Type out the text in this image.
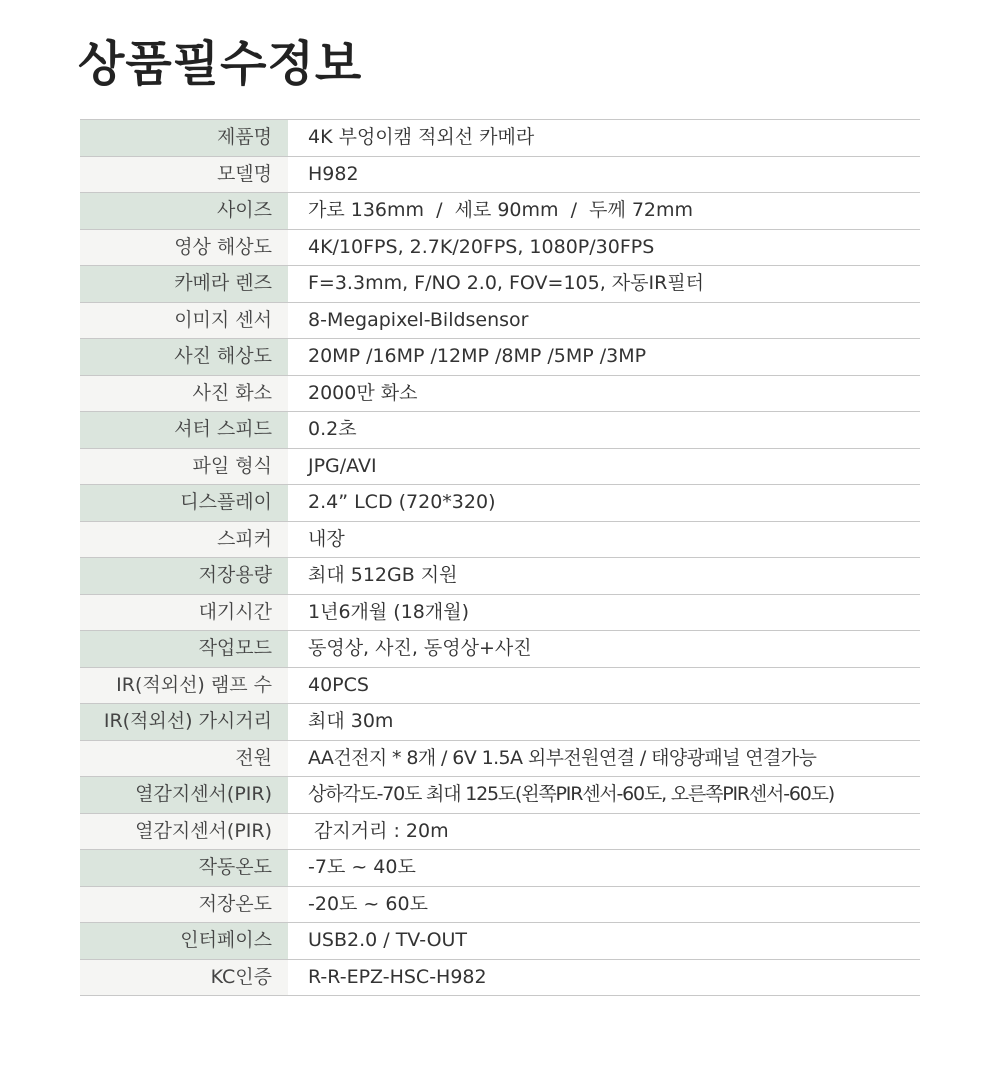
상품필수정보
제품명	4K 부엉이캠 적외선 카메라
모델명	H982
사이즈	가로 136mm  /  세로 90mm  /  두께 72mm
영상 해상도	4K/10FPS, 2.7K/20FPS, 1080P/30FPS
카메라 렌즈	F=3.3mm, F/NO 2.0, FOV=105, 자동IR필터
이미지 센서	8-Megapixel-Bildsensor
사진 해상도	20MP /16MP /12MP /8MP /5MP /3MP
사진 화소	2000만 화소
셔터 스피드	0.2초
파일 형식	JPG/AVI
디스플레이	2.4” LCD (720*320)
스피커	내장
저장용량	최대 512GB 지원
대기시간	1년6개월 (18개월)
작업모드	동영상, 사진, 동영상+사진
IR(적외선) 램프 수	40PCS
IR(적외선) 가시거리	최대 30m
전원	AA건전지 * 8개 / 6V 1.5A 외부전원연결 / 태양광패널 연결가능
열감지센서(PIR)	상하각도-70도 최대 125도(왼쪽PIR센서-60도, 오른쪽PIR센서-60도)
열감지센서(PIR)	감지거리 : 20m
작동온도	-7도 ~ 40도
저장온도	-20도 ~ 60도
인터페이스	USB2.0 / TV-OUT
KC인증	R-R-EPZ-HSC-H982
